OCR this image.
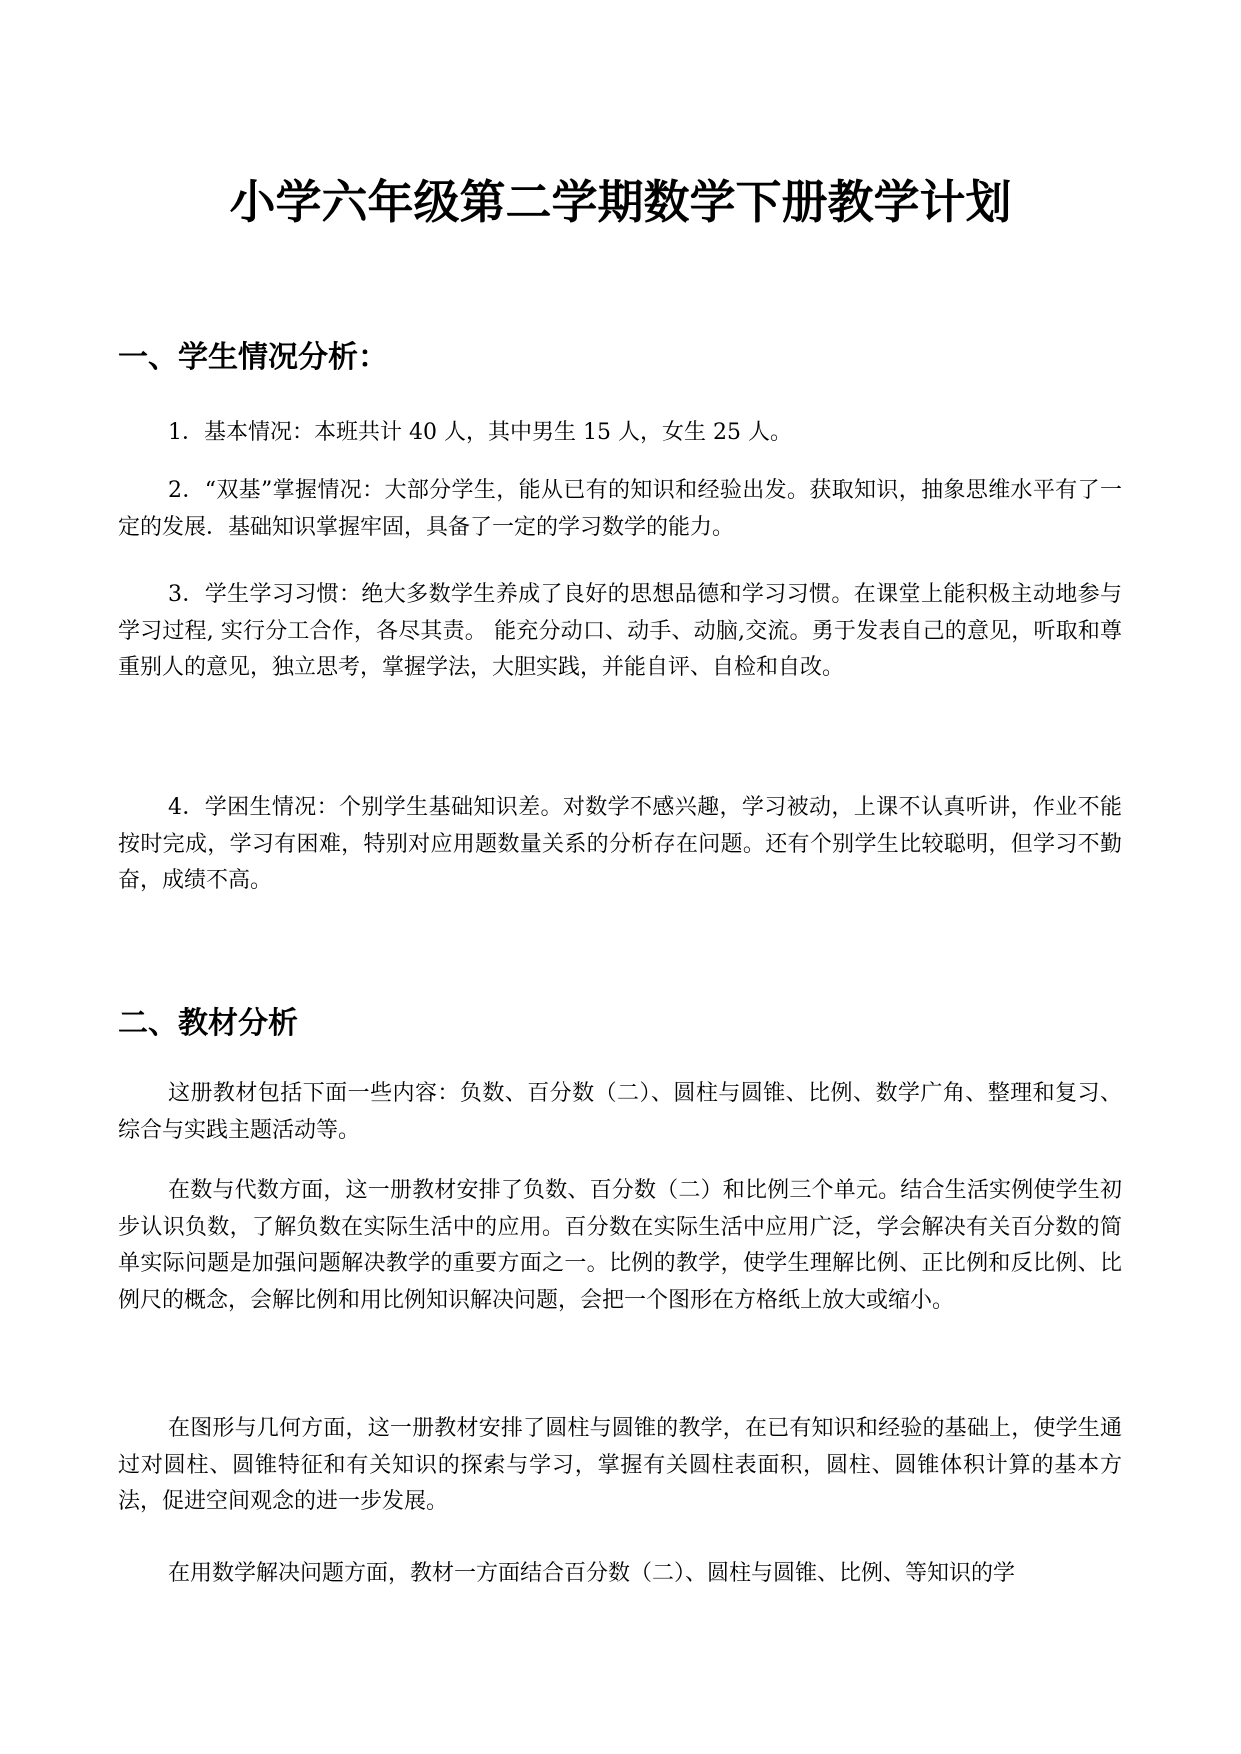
小学六年级第二学期数学下册教学计划
一、学生情况分析：

1．基本情况：本班共计 40 人，其中男生 15 人，女生 25 人。

2．“双基”掌握情况：大部分学生，能从已有的知识和经验出发。获取知识，抽象思维水平有了一定的发展．基础知识掌握牢固，具备了一定的学习数学的能力。

3．学生学习习惯：绝大多数学生养成了良好的思想品德和学习习惯。在课堂上能积极主动地参与学习过程, 实行分工合作，各尽其责。 能充分动口、动手、动脑,交流。勇于发表自己的意见，听取和尊重别人的意见，独立思考，掌握学法，大胆实践，并能自评、自检和自改。

4．学困生情况：个别学生基础知识差。对数学不感兴趣，学习被动，上课不认真听讲，作业不能按时完成，学习有困难，特别对应用题数量关系的分析存在问题。还有个别学生比较聪明，但学习不勤奋，成绩不高。

二、教材分析

这册教材包括下面一些内容：负数、百分数（二）、圆柱与圆锥、比例、数学广角、整理和复习、综合与实践主题活动等。

在数与代数方面，这一册教材安排了负数、百分数（二）和比例三个单元。结合生活实例使学生初步认识负数，了解负数在实际生活中的应用。百分数在实际生活中应用广泛，学会解决有关百分数的简单实际问题是加强问题解决教学的重要方面之一。比例的教学，使学生理解比例、正比例和反比例、比例尺的概念，会解比例和用比例知识解决问题，会把一个图形在方格纸上放大或缩小。

在图形与几何方面，这一册教材安排了圆柱与圆锥的教学，在已有知识和经验的基础上，使学生通过对圆柱、圆锥特征和有关知识的探索与学习，掌握有关圆柱表面积，圆柱、圆锥体积计算的基本方法，促进空间观念的进一步发展。

在用数学解决问题方面，教材一方面结合百分数（二）、圆柱与圆锥、比例、等知识的学
